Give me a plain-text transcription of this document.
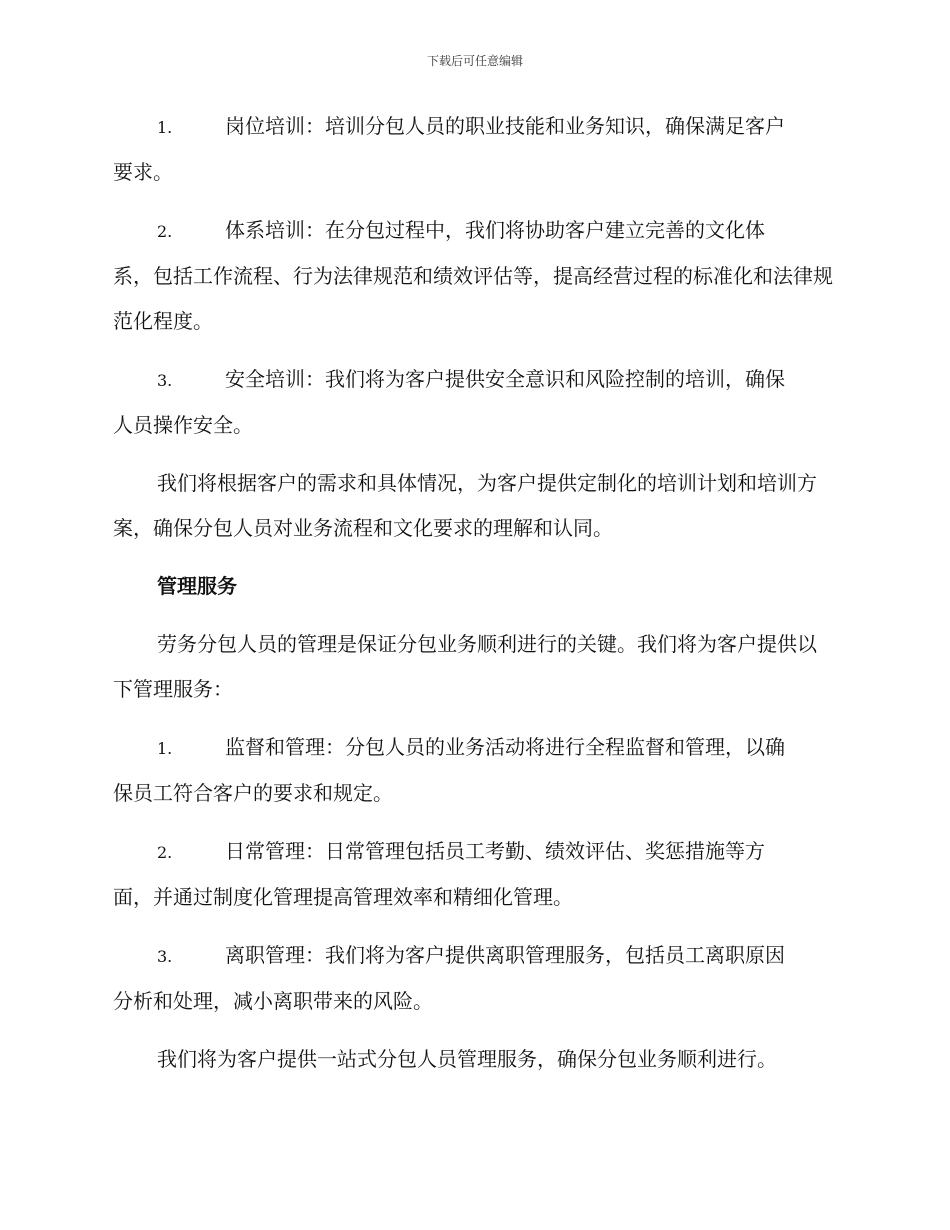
下载后可任意编辑
1.	岗位培训：培训分包人员的职业技能和业务知识，确保满足客户
要求。
2.	体系培训：在分包过程中，我们将协助客户建立完善的文化体
系，包括工作流程、行为法律规范和绩效评估等，提高经营过程的标准化和法律规范化程度。
3.	安全培训：我们将为客户提供安全意识和风险控制的培训，确保
人员操作安全。

我们将根据客户的需求和具体情况，为客户提供定制化的培训计划和培训方案，确保分包人员对业务流程和文化要求的理解和认同。

管理服务

劳务分包人员的管理是保证分包业务顺利进行的关键。我们将为客户提供以下管理服务：

1.	监督和管理：分包人员的业务活动将进行全程监督和管理，以确
保员工符合客户的要求和规定。
2.	日常管理：日常管理包括员工考勤、绩效评估、奖惩措施等方
面，并通过制度化管理提高管理效率和精细化管理。
3.	离职管理：我们将为客户提供离职管理服务，包括员工离职原因
分析和处理，减小离职带来的风险。

我们将为客户提供一站式分包人员管理服务，确保分包业务顺利进行。
